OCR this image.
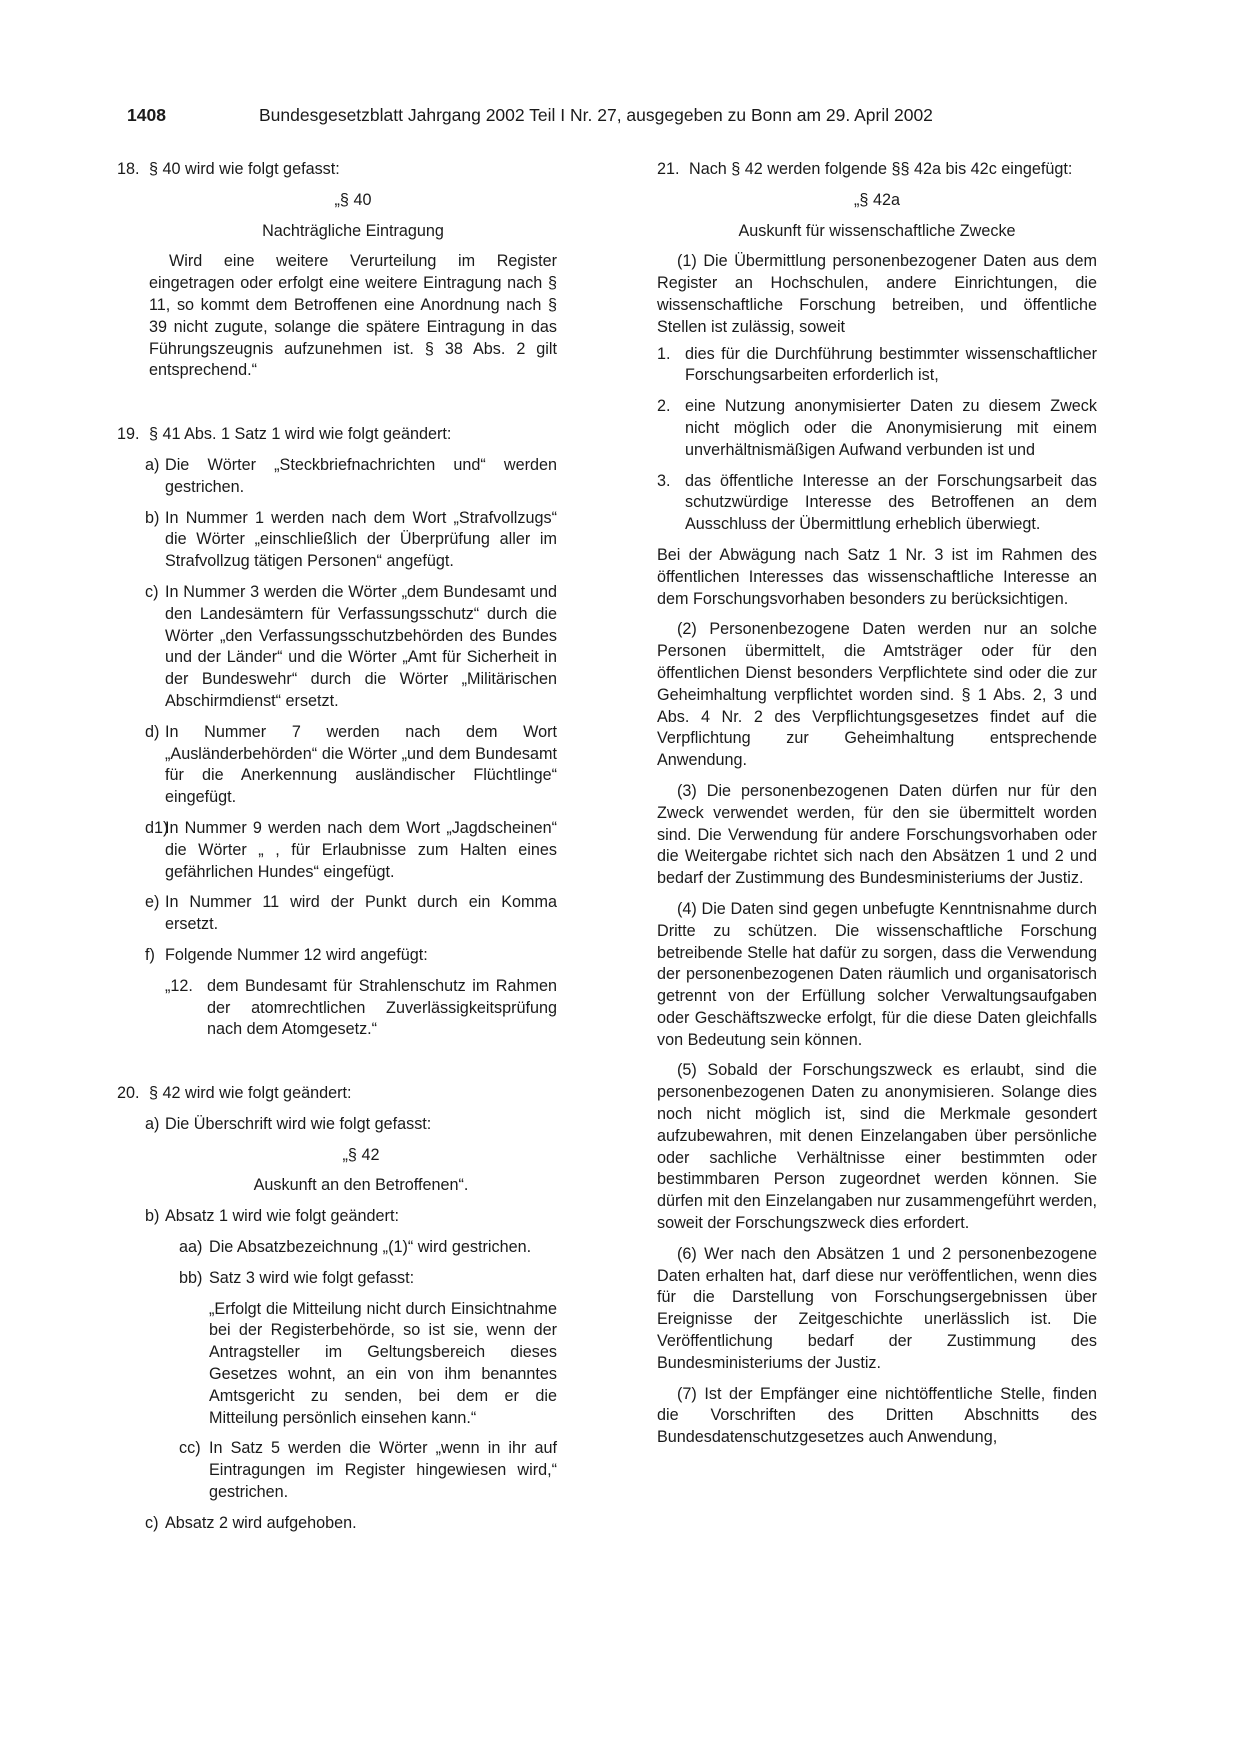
1408	Bundesgesetzblatt Jahrgang 2002 Teil I Nr. 27, ausgegeben zu Bonn am 29. April 2002
18. § 40 wird wie folgt gefasst:

„§ 40

Nachträgliche Eintragung

Wird eine weitere Verurteilung im Register eingetragen oder erfolgt eine weitere Eintragung nach § 11, so kommt dem Betroffenen eine Anordnung nach § 39 nicht zugute, solange die spätere Eintragung in das Führungszeugnis aufzunehmen ist. § 38 Abs. 2 gilt entsprechend.“

19. § 41 Abs. 1 Satz 1 wird wie folgt geändert:

a) Die Wörter „Steckbriefnachrichten und“ werden gestrichen.

b) In Nummer 1 werden nach dem Wort „Strafvollzugs“ die Wörter „einschließlich der Überprüfung aller im Strafvollzug tätigen Personen“ angefügt.

c) In Nummer 3 werden die Wörter „dem Bundesamt und den Landesämtern für Verfassungsschutz“ durch die Wörter „den Verfassungsschutzbehörden des Bundes und der Länder“ und die Wörter „Amt für Sicherheit in der Bundeswehr“ durch die Wörter „Militärischen Abschirmdienst“ ersetzt.

d) In Nummer 7 werden nach dem Wort „Ausländerbehörden“ die Wörter „und dem Bundesamt für die Anerkennung ausländischer Flüchtlinge“ eingefügt.

d1)

In Nummer 9 werden nach dem Wort „Jagdscheinen“ die Wörter „ , für Erlaubnisse zum Halten eines gefährlichen Hundes“ eingefügt.

e) In Nummer 11 wird der Punkt durch ein Komma ersetzt.

f) Folgende Nummer 12 wird angefügt:

„12. dem Bundesamt für Strahlenschutz im Rahmen der atomrechtlichen Zuverlässigkeitsprüfung nach dem Atomgesetz.“

20. § 42 wird wie folgt geändert:

a) Die Überschrift wird wie folgt gefasst:

„§ 42

Auskunft an den Betroffenen“.

b) Absatz 1 wird wie folgt geändert:

aa) Die Absatzbezeichnung „(1)“ wird gestrichen.

bb) Satz 3 wird wie folgt gefasst:

„Erfolgt die Mitteilung nicht durch Einsichtnahme bei der Registerbehörde, so ist sie, wenn der Antragsteller im Geltungsbereich dieses Gesetzes wohnt, an ein von ihm benanntes Amtsgericht zu senden, bei dem er die Mitteilung persönlich einsehen kann.“

cc) In Satz 5 werden die Wörter „wenn in ihr auf Eintragungen im Register hingewiesen wird,“ gestrichen.

c) Absatz 2 wird aufgehoben.

21. Nach § 42 werden folgende §§ 42a bis 42c eingefügt:

„§ 42a

Auskunft für wissenschaftliche Zwecke

(1) Die Übermittlung personenbezogener Daten aus dem Register an Hochschulen, andere Einrichtungen, die wissenschaftliche Forschung betreiben, und öffentliche Stellen ist zulässig, soweit

1. dies für die Durchführung bestimmter wissenschaftlicher Forschungsarbeiten erforderlich ist,

2. eine Nutzung anonymisierter Daten zu diesem Zweck nicht möglich oder die Anonymisierung mit einem unverhältnismäßigen Aufwand verbunden ist und

3. das öffentliche Interesse an der Forschungsarbeit das schutzwürdige Interesse des Betroffenen an dem Ausschluss der Übermittlung erheblich überwiegt.

Bei der Abwägung nach Satz 1 Nr. 3 ist im Rahmen des öffentlichen Interesses das wissenschaftliche Interesse an dem Forschungsvorhaben besonders zu berücksichtigen.

(2) Personenbezogene Daten werden nur an solche Personen übermittelt, die Amtsträger oder für den öffentlichen Dienst besonders Verpflichtete sind oder die zur Geheimhaltung verpflichtet worden sind. § 1 Abs. 2, 3 und Abs. 4 Nr. 2 des Verpflichtungsgesetzes findet auf die Verpflichtung zur Geheimhaltung entsprechende Anwendung.

(3) Die personenbezogenen Daten dürfen nur für den Zweck verwendet werden, für den sie übermittelt worden sind. Die Verwendung für andere Forschungsvorhaben oder die Weitergabe richtet sich nach den Absätzen 1 und 2 und bedarf der Zustimmung des Bundesministeriums der Justiz.

(4) Die Daten sind gegen unbefugte Kenntnisnahme durch Dritte zu schützen. Die wissenschaftliche Forschung betreibende Stelle hat dafür zu sorgen, dass die Verwendung der personenbezogenen Daten räumlich und organisatorisch getrennt von der Erfüllung solcher Verwaltungsaufgaben oder Geschäftszwecke erfolgt, für die diese Daten gleichfalls von Bedeutung sein können.

(5) Sobald der Forschungszweck es erlaubt, sind die personenbezogenen Daten zu anonymisieren. Solange dies noch nicht möglich ist, sind die Merkmale gesondert aufzubewahren, mit denen Einzelangaben über persönliche oder sachliche Verhältnisse einer bestimmten oder bestimmbaren Person zugeordnet werden können. Sie dürfen mit den Einzelangaben nur zusammengeführt werden, soweit der Forschungszweck dies erfordert.

(6) Wer nach den Absätzen 1 und 2 personenbezogene Daten erhalten hat, darf diese nur veröffentlichen, wenn dies für die Darstellung von Forschungsergebnissen über Ereignisse der Zeitgeschichte unerlässlich ist. Die Veröffentlichung bedarf der Zustimmung des Bundesministeriums der Justiz.

(7) Ist der Empfänger eine nichtöffentliche Stelle, finden die Vorschriften des Dritten Abschnitts des Bundesdatenschutzgesetzes auch Anwendung,
